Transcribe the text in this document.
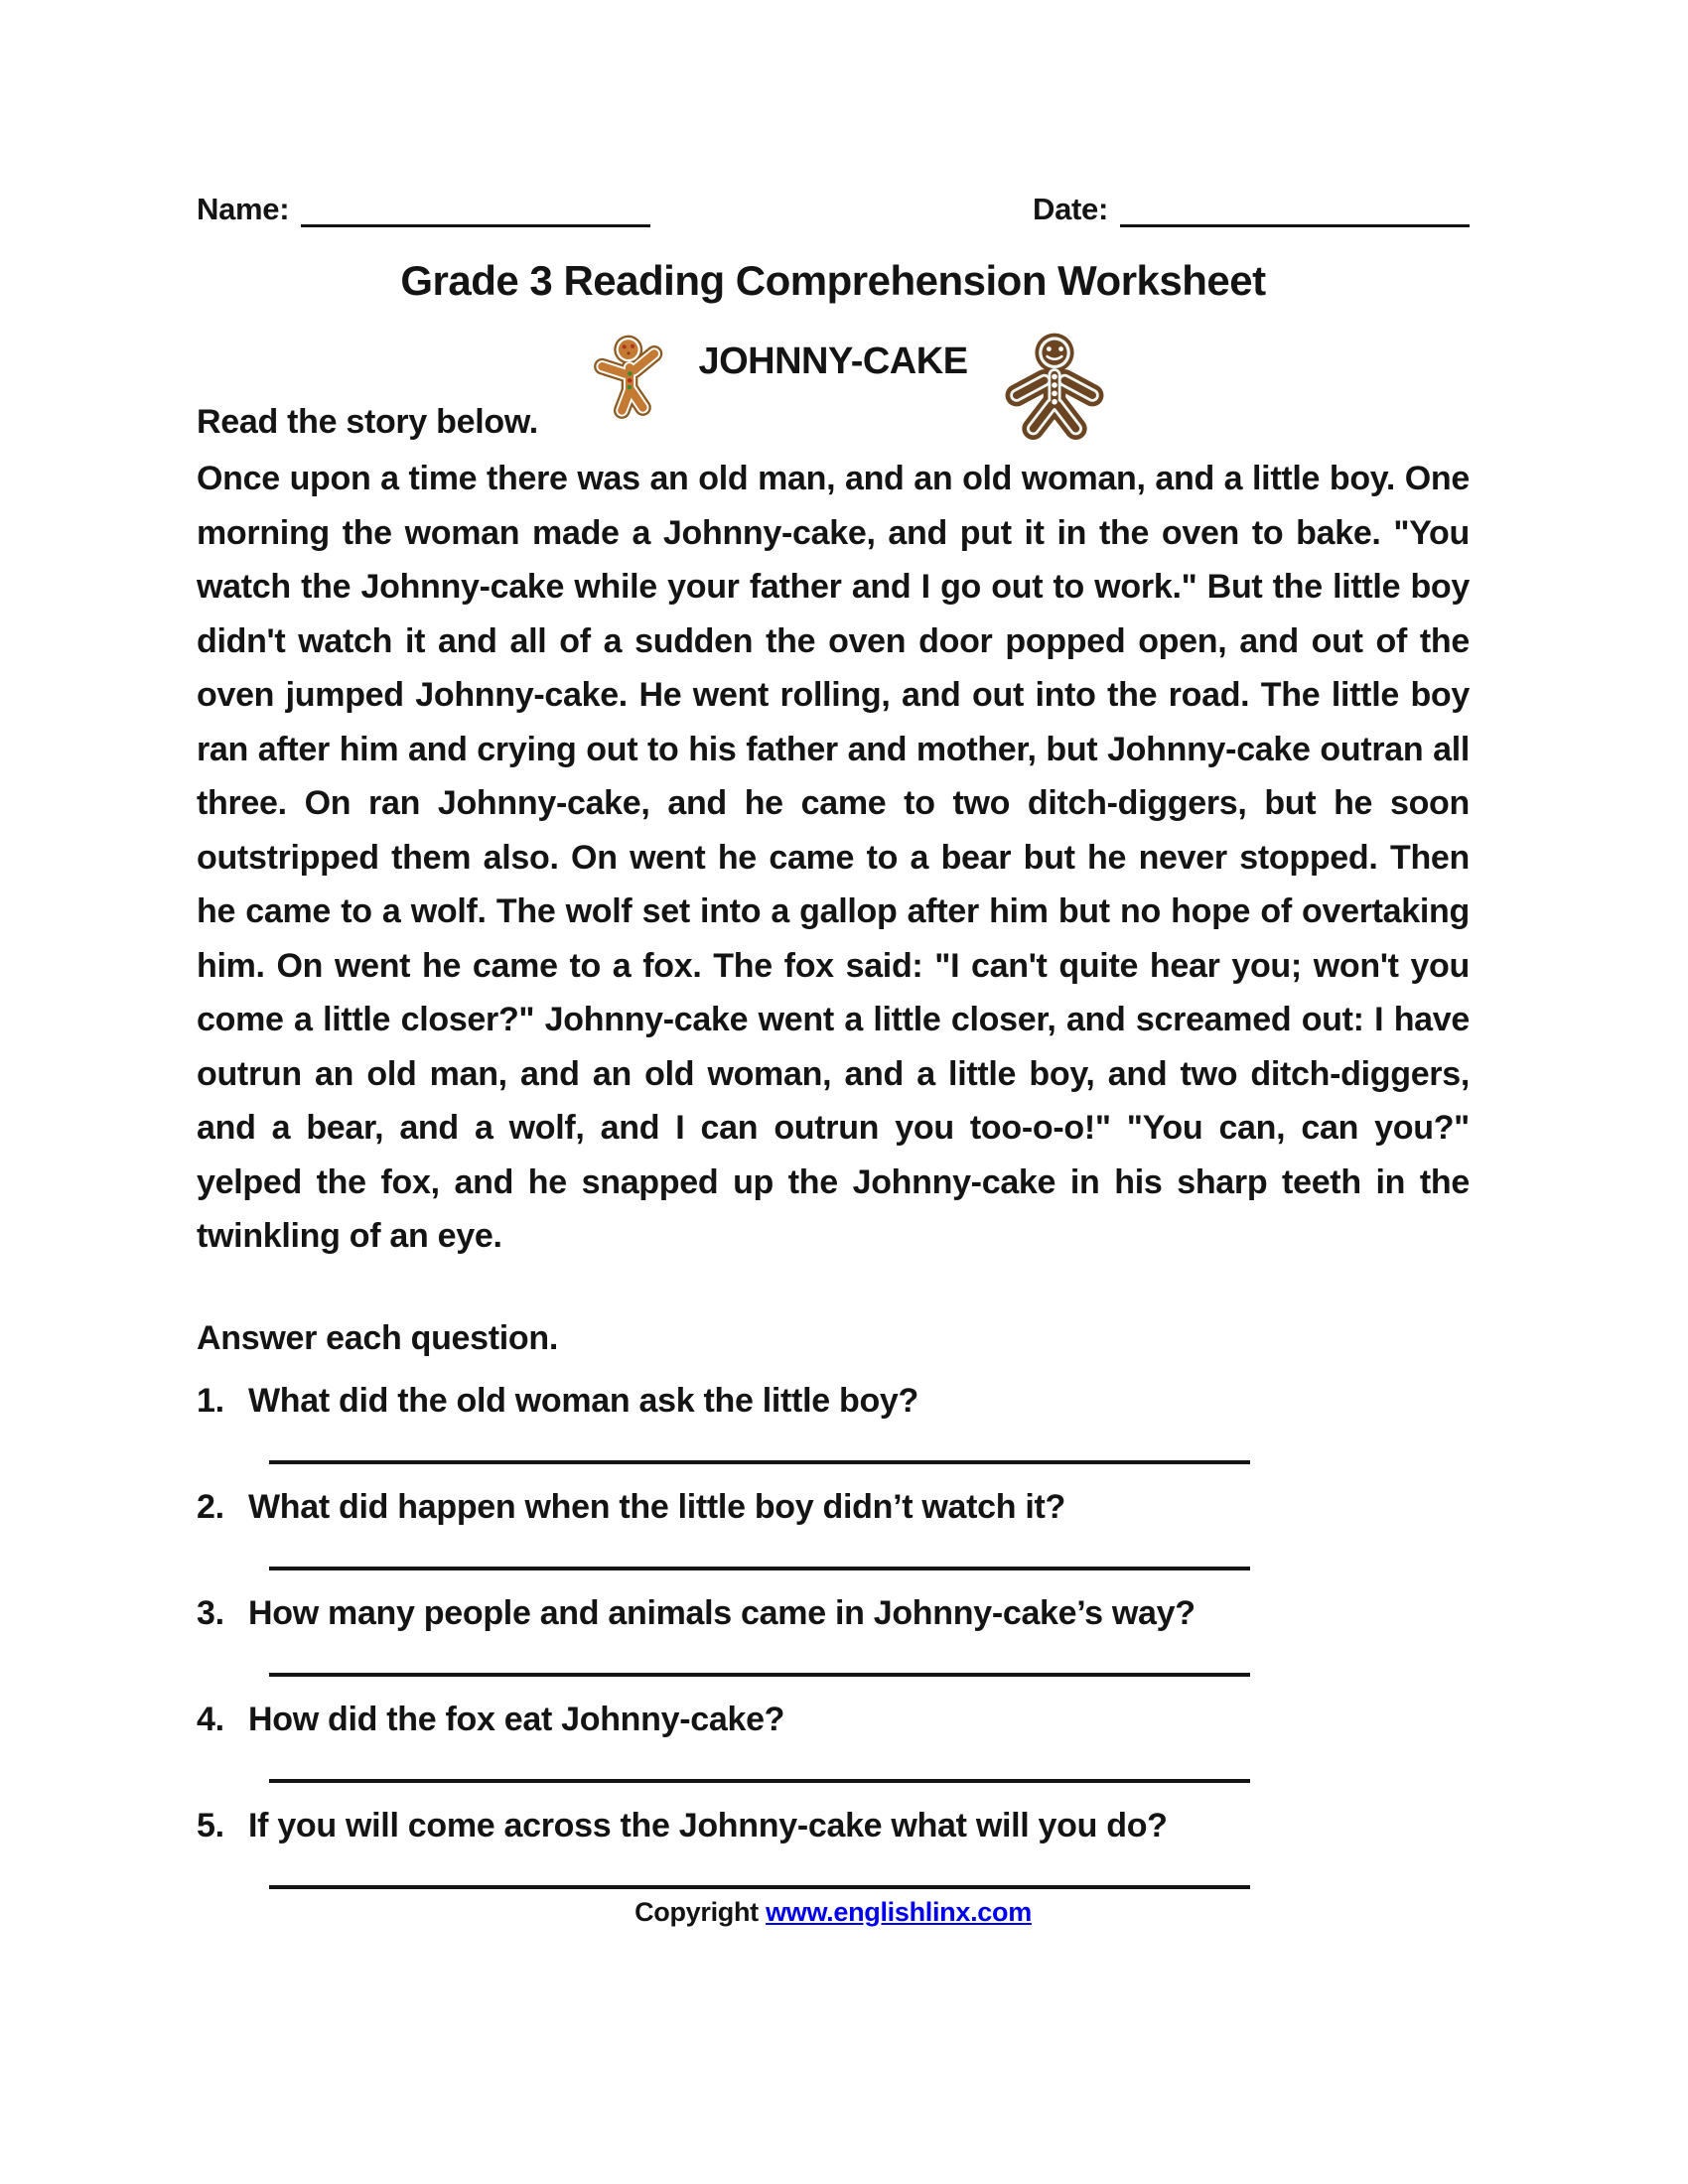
Name:	Date:
Grade 3 Reading Comprehension Worksheet
JOHNNY-CAKE
Read the story below.
Once upon a time there was an old man, and an old woman, and a little boy. One morning the woman made a Johnny-cake, and put it in the oven to bake. "You watch the Johnny-cake while your father and I go out to work." But the little boy didn't watch it and all of a sudden the oven door popped open, and out of the oven jumped Johnny-cake. He went rolling, and out into the road. The little boy ran after him and crying out to his father and mother, but Johnny-cake outran all three. On ran Johnny-cake, and he came to two ditch-diggers, but he soon outstripped them also. On went he came to a bear but he never stopped. Then he came to a wolf. The wolf set into a gallop after him but no hope of overtaking him. On went he came to a fox. The fox said: "I can't quite hear you; won't you come a little closer?" Johnny-cake went a little closer, and screamed out: I have outrun an old man, and an old woman, and a little boy, and two ditch-diggers, and a bear, and a wolf, and I can outrun you too-o-o!" "You can, can you?" yelped the fox, and he snapped up the Johnny-cake in his sharp teeth in the twinkling of an eye.
Answer each question.
1. What did the old woman ask the little boy?
2. What did happen when the little boy didn’t watch it?
3. How many people and animals came in Johnny-cake’s way?
4. How did the fox eat Johnny-cake?
5. If you will come across the Johnny-cake what will you do?
Copyright www.englishlinx.com
